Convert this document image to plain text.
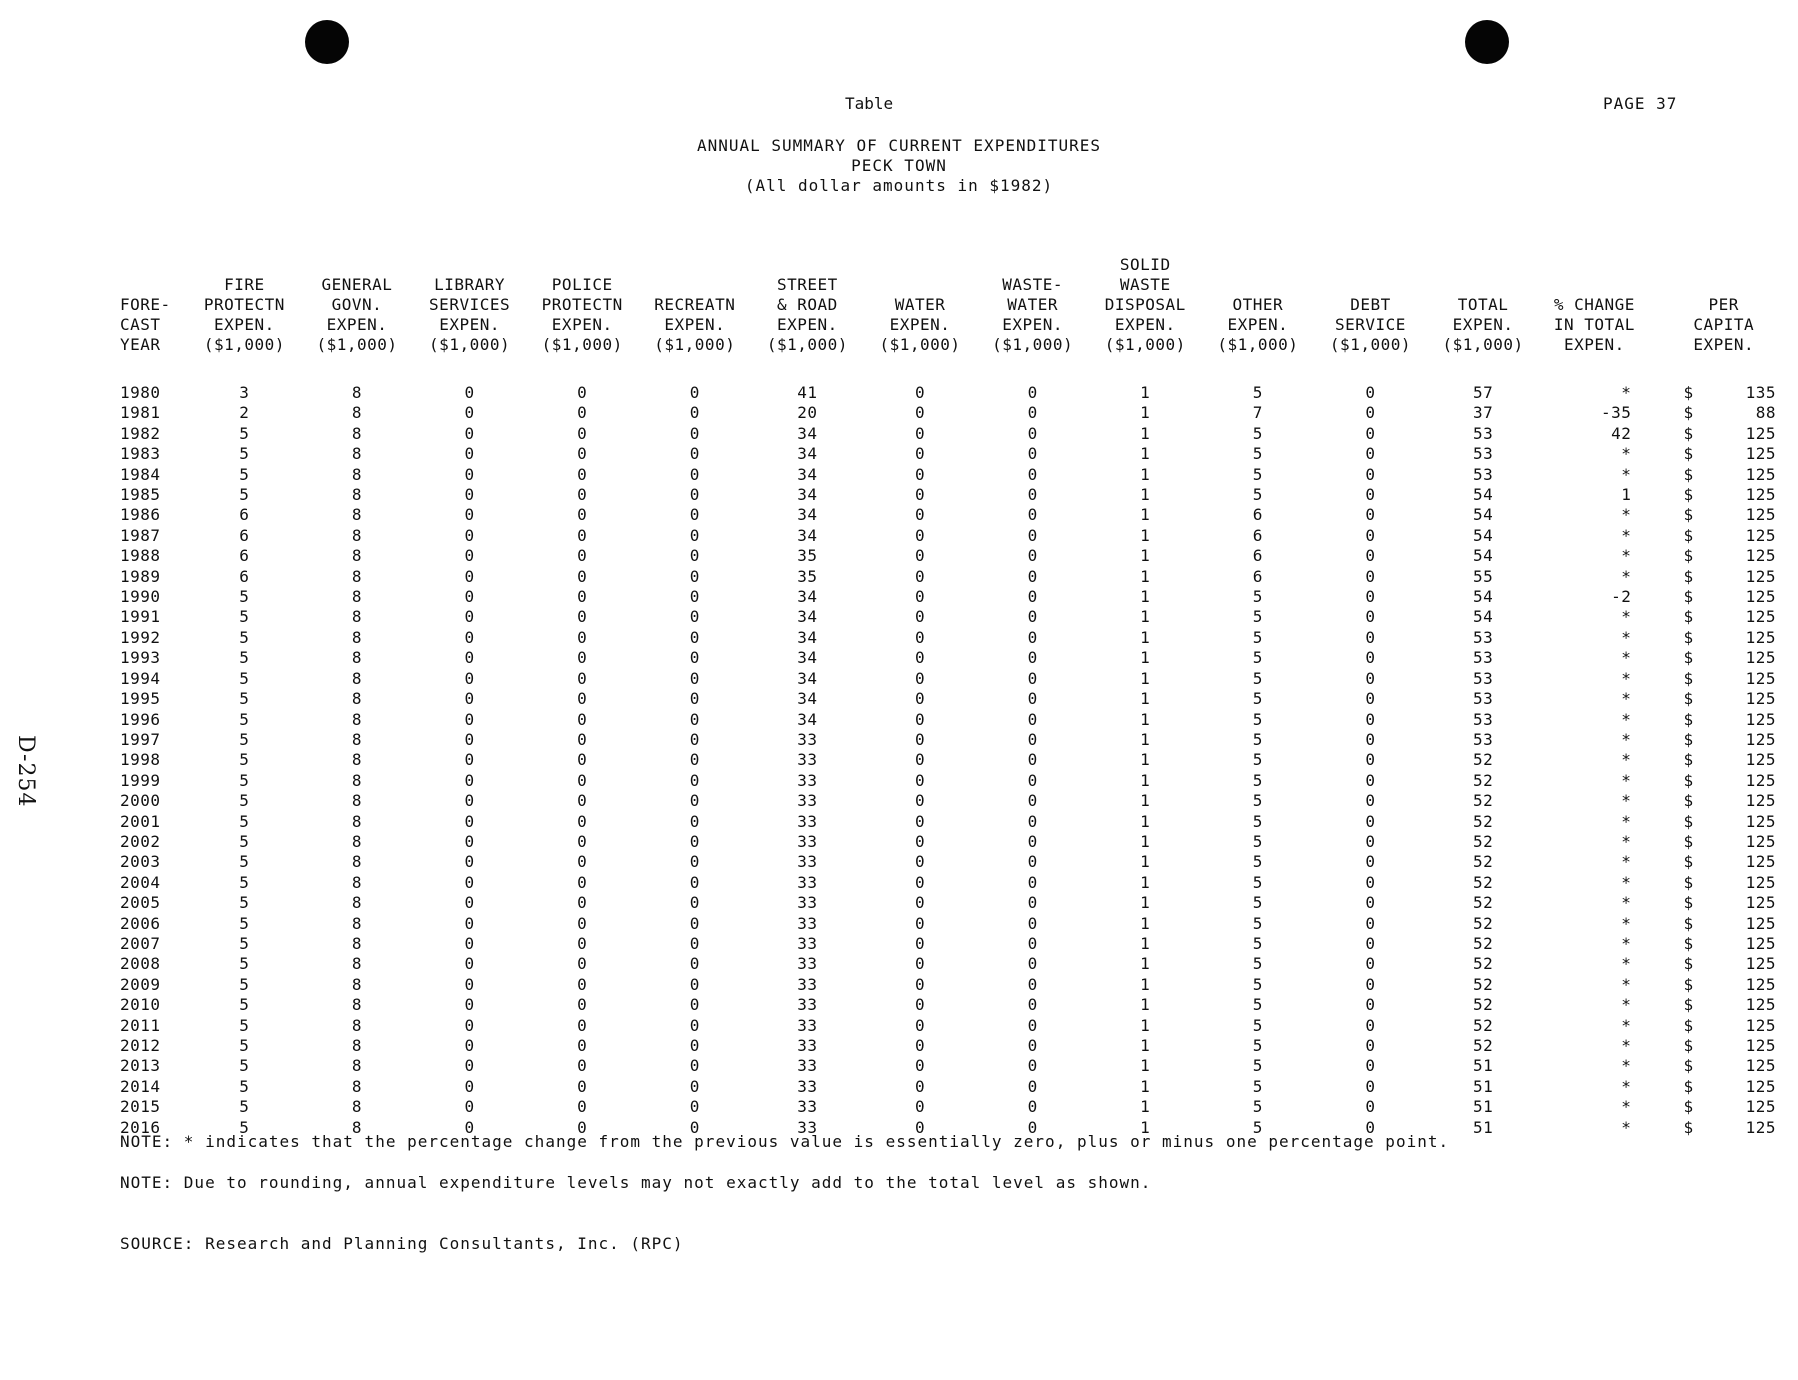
D-254
Table	PAGE 37
ANNUAL SUMMARY OF CURRENT EXPENDITURES
PECK TOWN
(All dollar amounts in $1982)
FORE-
CAST
YEAR	FIRE
PROTECTN
EXPEN.
($1,000)	GENERAL
GOVN.
EXPEN.
($1,000)	LIBRARY
SERVICES
EXPEN.
($1,000)	POLICE
PROTECTN
EXPEN.
($1,000)	RECREATN
EXPEN.
($1,000)	STREET
& ROAD
EXPEN.
($1,000)	WATER
EXPEN.
($1,000)	WASTE-
WATER
EXPEN.
($1,000)	SOLID WASTE
DISPOSAL
EXPEN.
($1,000)	OTHER
EXPEN.
($1,000)	DEBT
SERVICE
($1,000)	TOTAL
EXPEN.
($1,000)	% CHANGE
IN TOTAL
EXPEN.	PER
CAPITA
EXPEN.
1980	3	8	0	0	0	41	0	0	1	5	0	57	*	$ 135

1981	2	8	0	0	0	20	0	0	1	7	0	37	-35	$ 88

1982	5	8	0	0	0	34	0	0	1	5	0	53	42	$ 125

1983	5	8	0	0	0	34	0	0	1	5	0	53	*	$ 125

1984	5	8	0	0	0	34	0	0	1	5	0	53	*	$ 125

1985	5	8	0	0	0	34	0	0	1	5	0	54	1	$ 125

1986	6	8	0	0	0	34	0	0	1	6	0	54	*	$ 125

1987	6	8	0	0	0	34	0	0	1	6	0	54	*	$ 125

1988	6	8	0	0	0	35	0	0	1	6	0	54	*	$ 125

1989	6	8	0	0	0	35	0	0	1	6	0	55	*	$ 125

1990	5	8	0	0	0	34	0	0	1	5	0	54	-2	$ 125

1991	5	8	0	0	0	34	0	0	1	5	0	54	*	$ 125

1992	5	8	0	0	0	34	0	0	1	5	0	53	*	$ 125

1993	5	8	0	0	0	34	0	0	1	5	0	53	*	$ 125

1994	5	8	0	0	0	34	0	0	1	5	0	53	*	$ 125

1995	5	8	0	0	0	34	0	0	1	5	0	53	*	$ 125

1996	5	8	0	0	0	34	0	0	1	5	0	53	*	$ 125

1997	5	8	0	0	0	33	0	0	1	5	0	53	*	$ 125

1998	5	8	0	0	0	33	0	0	1	5	0	52	*	$ 125

1999	5	8	0	0	0	33	0	0	1	5	0	52	*	$ 125

2000	5	8	0	0	0	33	0	0	1	5	0	52	*	$ 125

2001	5	8	0	0	0	33	0	0	1	5	0	52	*	$ 125

2002	5	8	0	0	0	33	0	0	1	5	0	52	*	$ 125

2003	5	8	0	0	0	33	0	0	1	5	0	52	*	$ 125

2004	5	8	0	0	0	33	0	0	1	5	0	52	*	$ 125

2005	5	8	0	0	0	33	0	0	1	5	0	52	*	$ 125

2006	5	8	0	0	0	33	0	0	1	5	0	52	*	$ 125

2007	5	8	0	0	0	33	0	0	1	5	0	52	*	$ 125

2008	5	8	0	0	0	33	0	0	1	5	0	52	*	$ 125

2009	5	8	0	0	0	33	0	0	1	5	0	52	*	$ 125

2010	5	8	0	0	0	33	0	0	1	5	0	52	*	$ 125

2011	5	8	0	0	0	33	0	0	1	5	0	52	*	$ 125

2012	5	8	0	0	0	33	0	0	1	5	0	52	*	$ 125

2013	5	8	0	0	0	33	0	0	1	5	0	51	*	$ 125

2014	5	8	0	0	0	33	0	0	1	5	0	51	*	$ 125

2015	5	8	0	0	0	33	0	0	1	5	0	51	*	$ 125

2016	5	8	0	0	0	33	0	0	1	5	0	51	*	$ 125
NOTE: * indicates that the percentage change from the previous value is essentially zero, plus or minus one percentage point.
NOTE: Due to rounding, annual expenditure levels may not exactly add to the total level as shown.
SOURCE: Research and Planning Consultants, Inc. (RPC)
